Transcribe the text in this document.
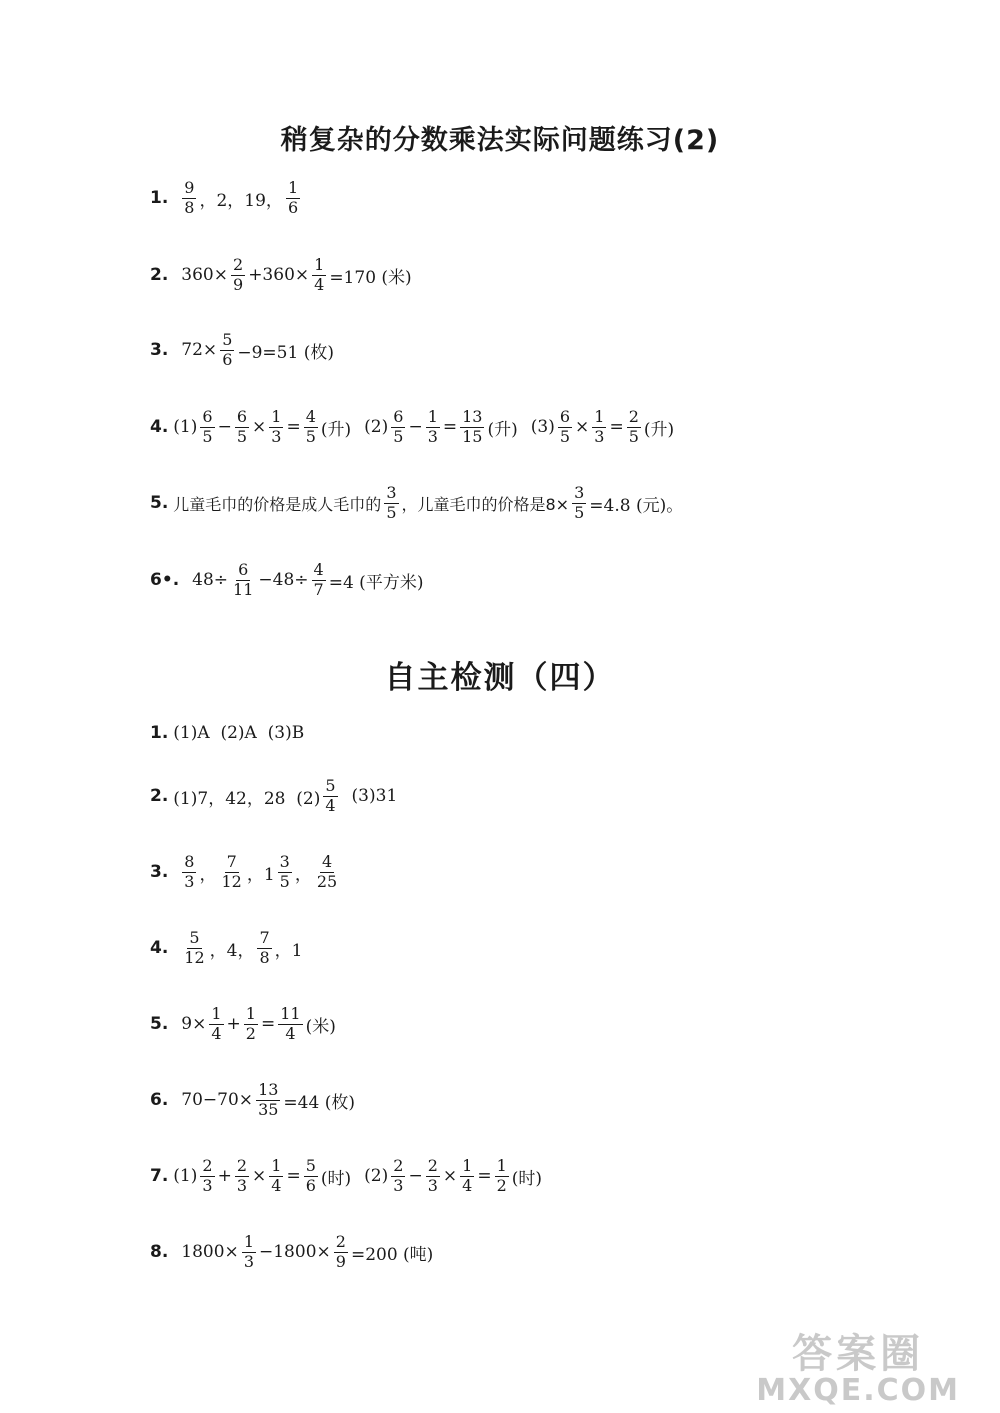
稍复杂的分数乘法实际问题练习(2)
1. $\frac{9}{8}$ ，2，19， $\frac{1}{6}$
2. $360\times \frac{2}{9} +360\times \frac{1}{4} =170$ (米)
3. $72\times \frac{5}{6} -9=51$ (枚)
4. $(1) \frac{6}{5} - \frac{6}{5} \times \frac{1}{3} = \frac{4}{5}$ (升) $(2) \frac{6}{5} - \frac{1}{3} = \frac{13}{15}$ (升) $(3) \frac{6}{5} \times \frac{1}{3} = \frac{2}{5}$ (升)
5. 儿童毛巾的价格是成人毛巾的 $\frac{3}{5}$ ，儿童毛巾的价格是$8\times \frac{3}{5} =4.8$ (元)。
6•. $48\div \frac{6}{11} -48\div \frac{4}{7} =4$ (平方米)
自主检测（四）
1. (1)A  (2)A  (3)B
2. (1)7，42，28  $(2) \frac{5}{4} (3)31$
3. $\frac{8}{3}$ ， $\frac{7}{12}$ ，$1 \frac{3}{5}$ ， $\frac{4}{25}$
4. $\frac{5}{12}$ ，4， $\frac{7}{8}$ ，1
5. $9\times \frac{1}{4} + \frac{1}{2} = \frac{11}{4}$ (米)
6. $70-70\times \frac{13}{35} =44$ (枚)
7. $(1) \frac{2}{3} + \frac{2}{3} \times \frac{1}{4} = \frac{5}{6}$ (时) $(2) \frac{2}{3} - \frac{2}{3} \times \frac{1}{4} = \frac{1}{2}$ (时)
8. $1800\times \frac{1}{3} -1800\times \frac{2}{9} =200$ (吨)
答案圈
MXQE.COM
